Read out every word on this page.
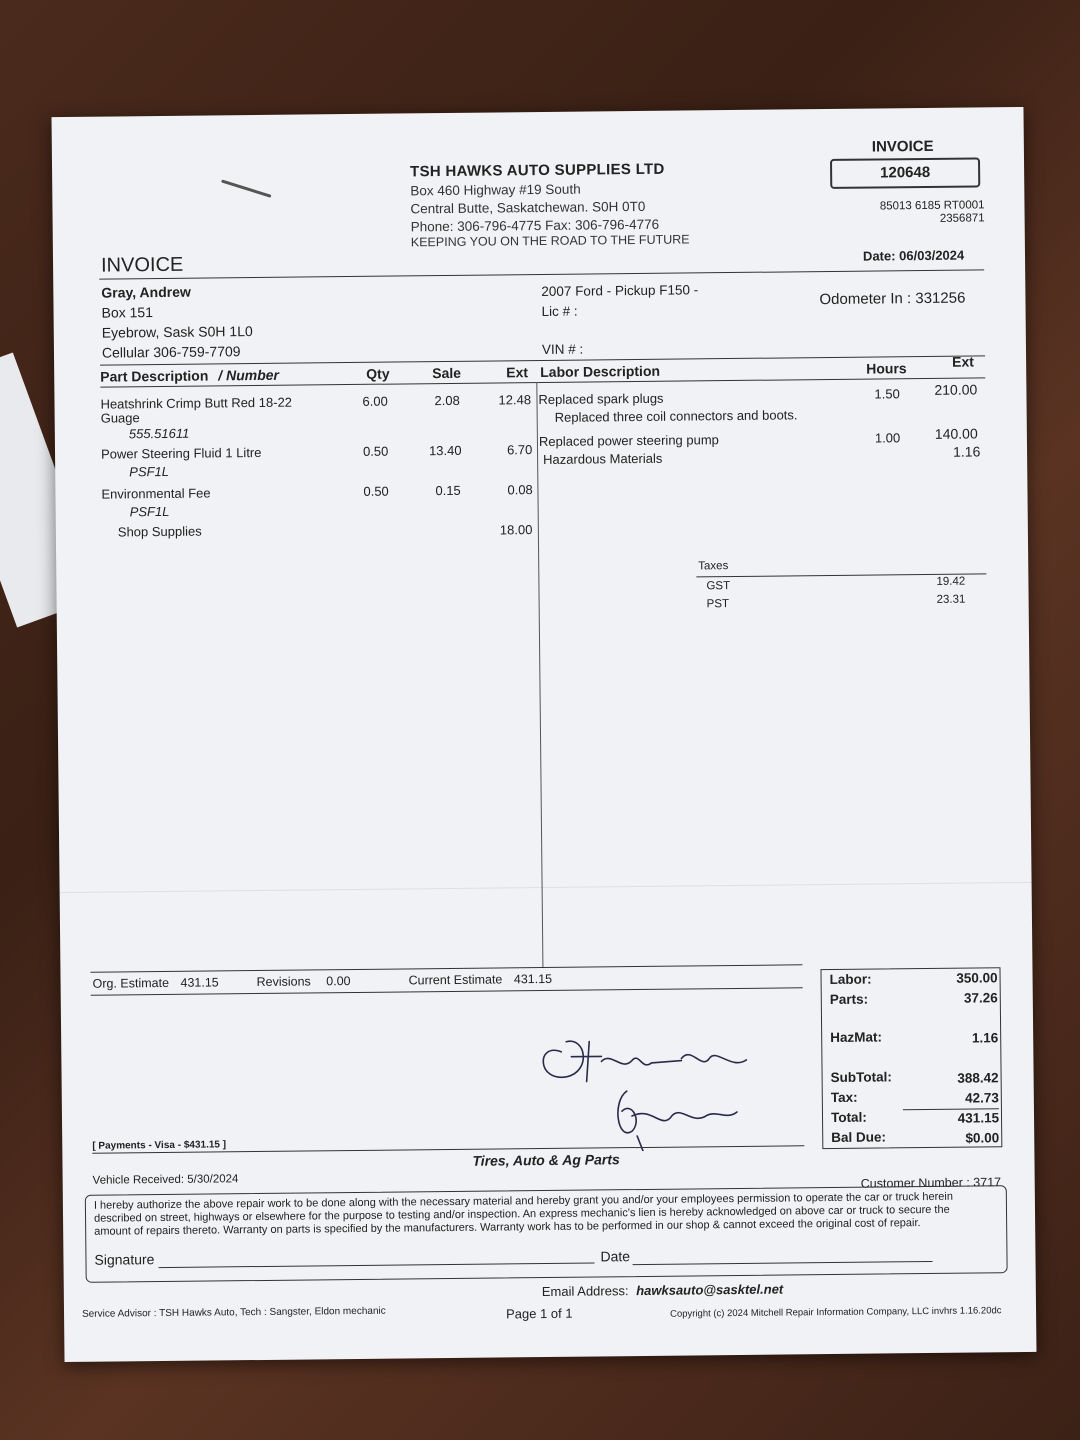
TSH HAWKS AUTO SUPPLIES LTD
Box 460 Highway #19 South
Central Butte, Saskatchewan. S0H 0T0
Phone: 306-796-4775 Fax: 306-796-4776
KEEPING YOU ON THE ROAD TO THE FUTURE
INVOICE
120648
85013 6185 RT0001
2356871
Date: 06/03/2024
INVOICE
Gray, Andrew
Box 151
Eyebrow, Sask S0H 1L0
Cellular 306-759-7709
2007 Ford - Pickup F150 -
Lic # :
VIN # :
Odometer In : 331256
Part Description / Number	Qty	Sale	Ext Labor Description	Hours	Ext
Heatshrink Crimp Butt Red 18-22
Guage
555.51611
6.00	2.08	12.48
Power Steering Fluid 1 Litre
PSF1L
0.50	13.40	6.70
Environmental Fee
PSF1L
0.50	0.15	0.08
Shop Supplies	18.00
Replaced spark plugs
Replaced three coil connectors and boots.
1.50 210.00
Replaced power steering pump	1.00 140.00
Hazardous Materials	1.16
Taxes
GST	19.42
PST	23.31
Org. Estimate 431.15	Revisions 0.00	Current Estimate 431.15	Labor:	350.00
Parts:	37.26
HazMat:	1.16
SubTotal:	388.42
Tax:	42.73
Total:	431.15
Bal Due:	$0.00
[ Payments - Visa - $431.15 ]
Tires, Auto & Ag Parts
Vehicle Received: 5/30/2024	Customer Number : 3717
I hereby authorize the above repair work to be done along with the necessary material and hereby grant you and/or your employees permission to operate the car or truck herein described on street, highways or elsewhere for the purpose to testing and/or inspection. An express mechanic's lien is hereby acknowledged on above car or truck to secure the amount of repairs thereto. Warranty on parts is specified by the manufacturers. Warranty work has to be performed in our shop & cannot exceed the original cost of repair.
Signature	Date
Email Address: hawksauto@sasktel.net
Service Advisor : TSH Hawks Auto, Tech : Sangster, Eldon mechanic	Page 1 of 1	Copyright (c) 2024 Mitchell Repair Information Company, LLC invhrs 1.16.20dc
